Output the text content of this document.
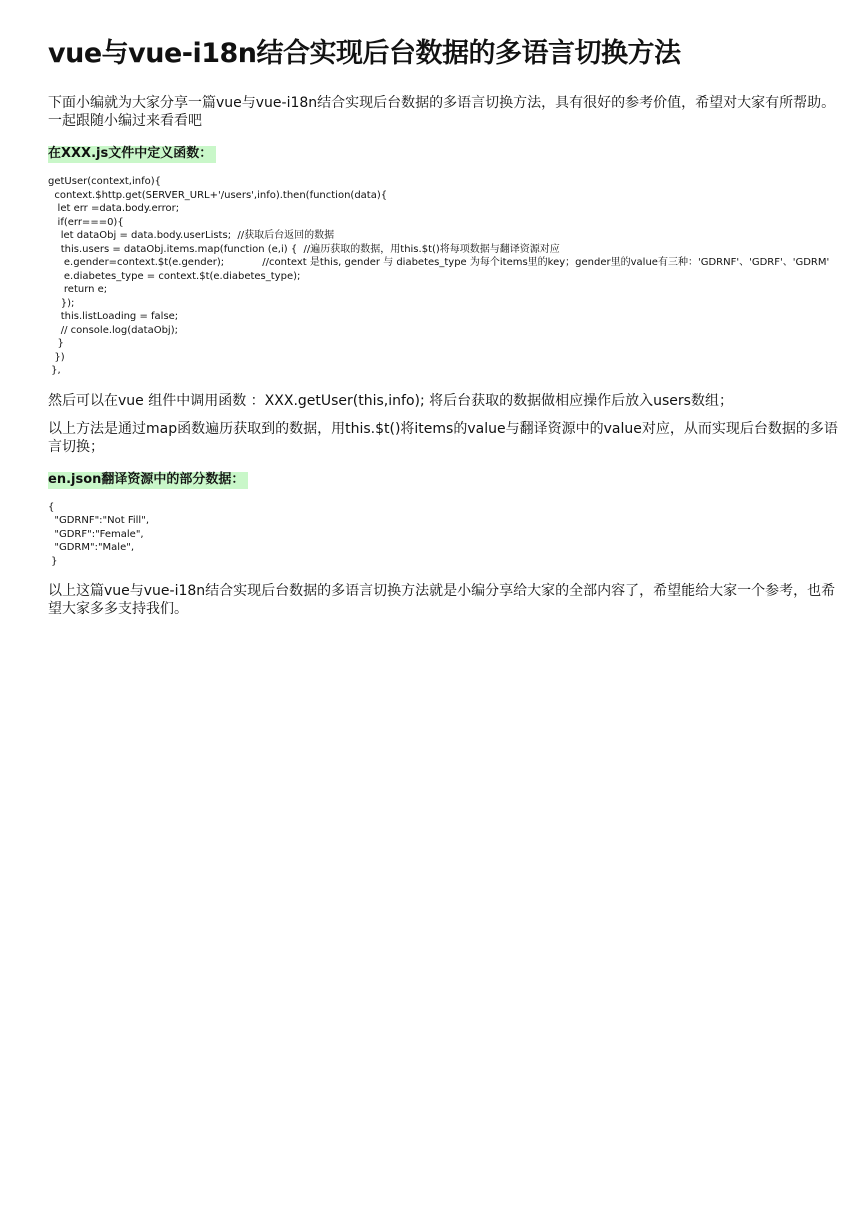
vue与vue-i18n结合实现后台数据的多语言切换方法

下面小编就为大家分享一篇vue与vue-i18n结合实现后台数据的多语言切换方法，具有很好的参考价值，希望对大家有所帮助。一起跟随小编过来看看吧

在XXX.js文件中定义函数：
getUser(context,info){
context.$http.get(SERVER_URL+'/users',info).then(function(data){
let err =data.body.error;
if(err===0){
let dataObj = data.body.userLists;  //获取后台返回的数据
this.users = dataObj.items.map(function (e,i) {  //遍历获取的数据，用this.$t()将每项数据与翻译资源对应
e.gender=context.$t(e.gender);            //context 是this, gender 与 diabetes_type 为每个items里的key；gender里的value有三种：'GDRNF'、'GDRF'、'GDRM'
e.diabetes_type = context.$t(e.diabetes_type);
return e;
});
this.listLoading = false;
// console.log(dataObj);
}
})
},

然后可以在vue 组件中调用函数 ：XXX.getUser(this,info); 将后台获取的数据做相应操作后放入users数组；

以上方法是通过map函数遍历获取到的数据，用this.$t()将items的value与翻译资源中的value对应，从而实现后台数据的多语言切换；

en.json翻译资源中的部分数据：
{
"GDRNF":"Not Fill",
"GDRF":"Female",
"GDRM":"Male",
}

以上这篇vue与vue-i18n结合实现后台数据的多语言切换方法就是小编分享给大家的全部内容了，希望能给大家一个参考，也希望大家多多支持我们。
